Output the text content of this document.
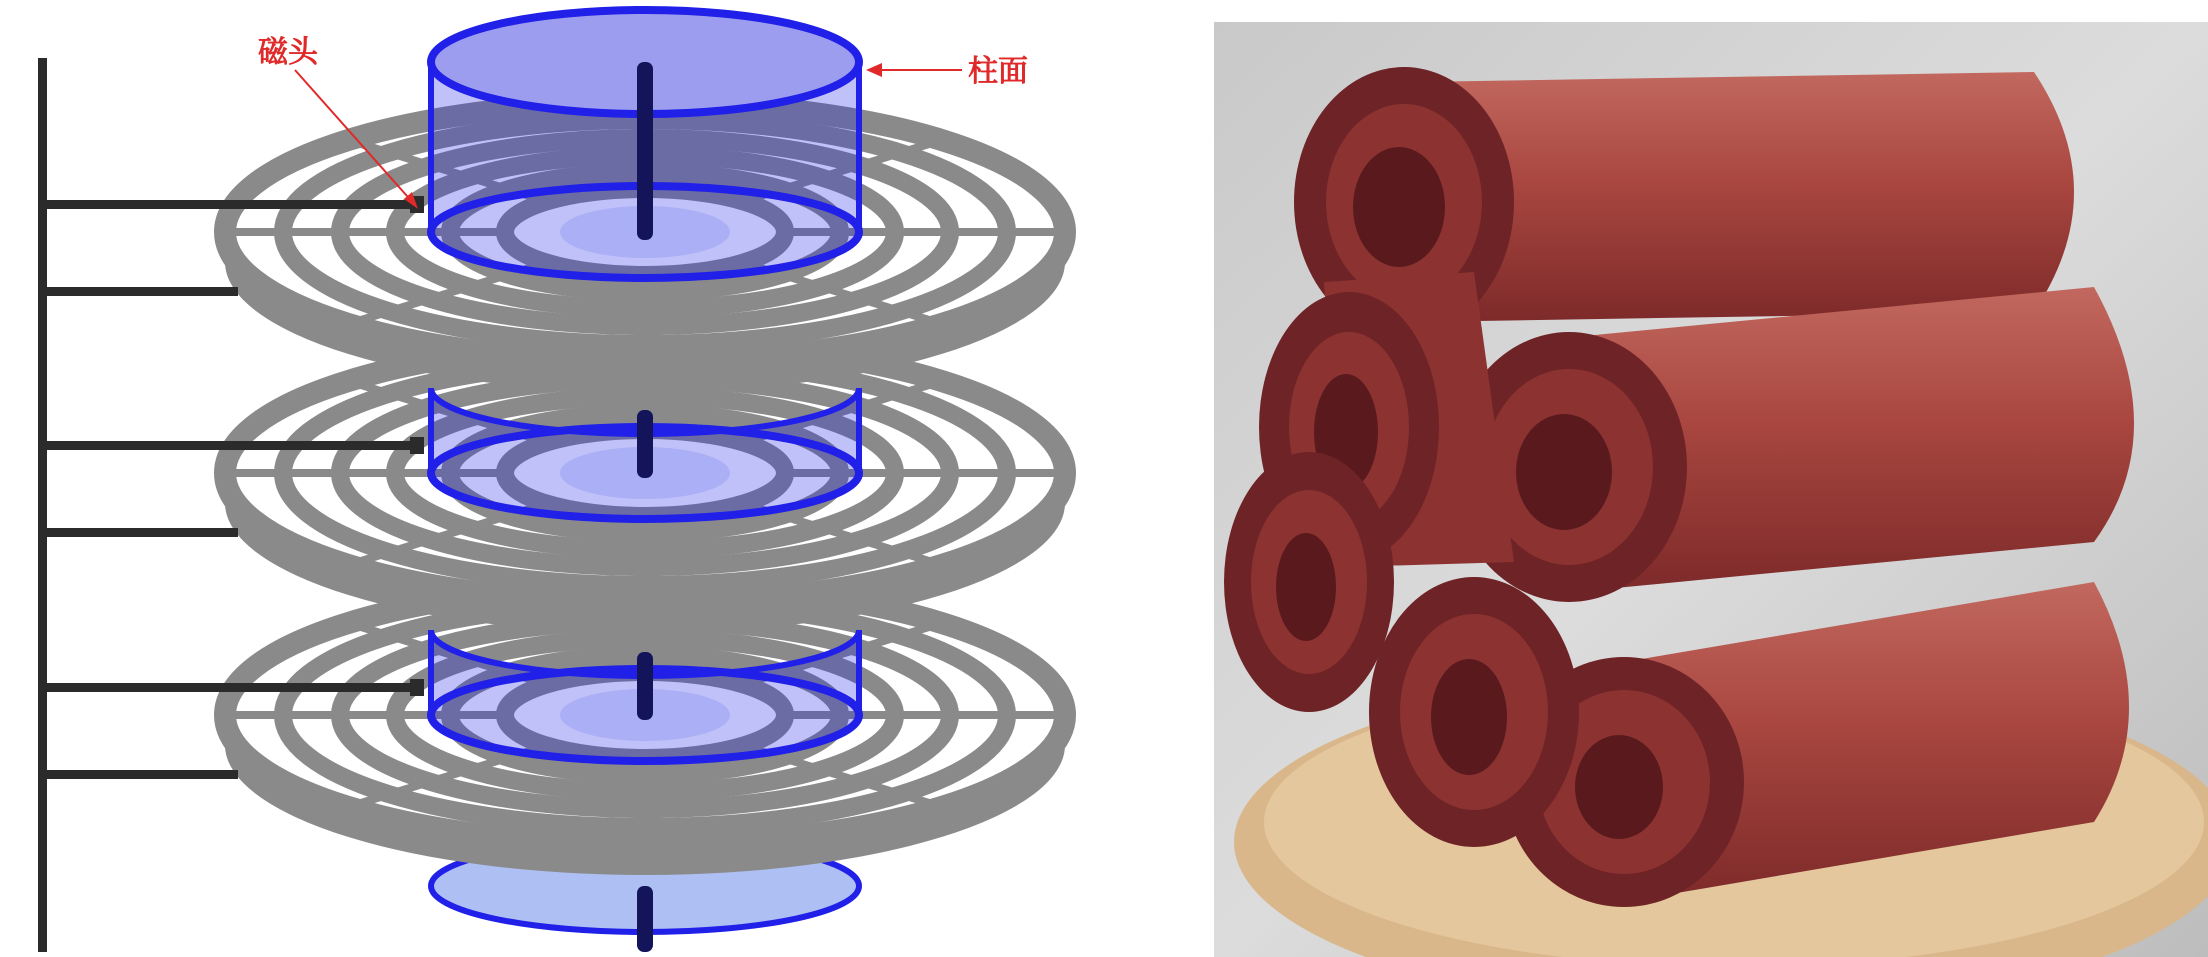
磁头
柱面
